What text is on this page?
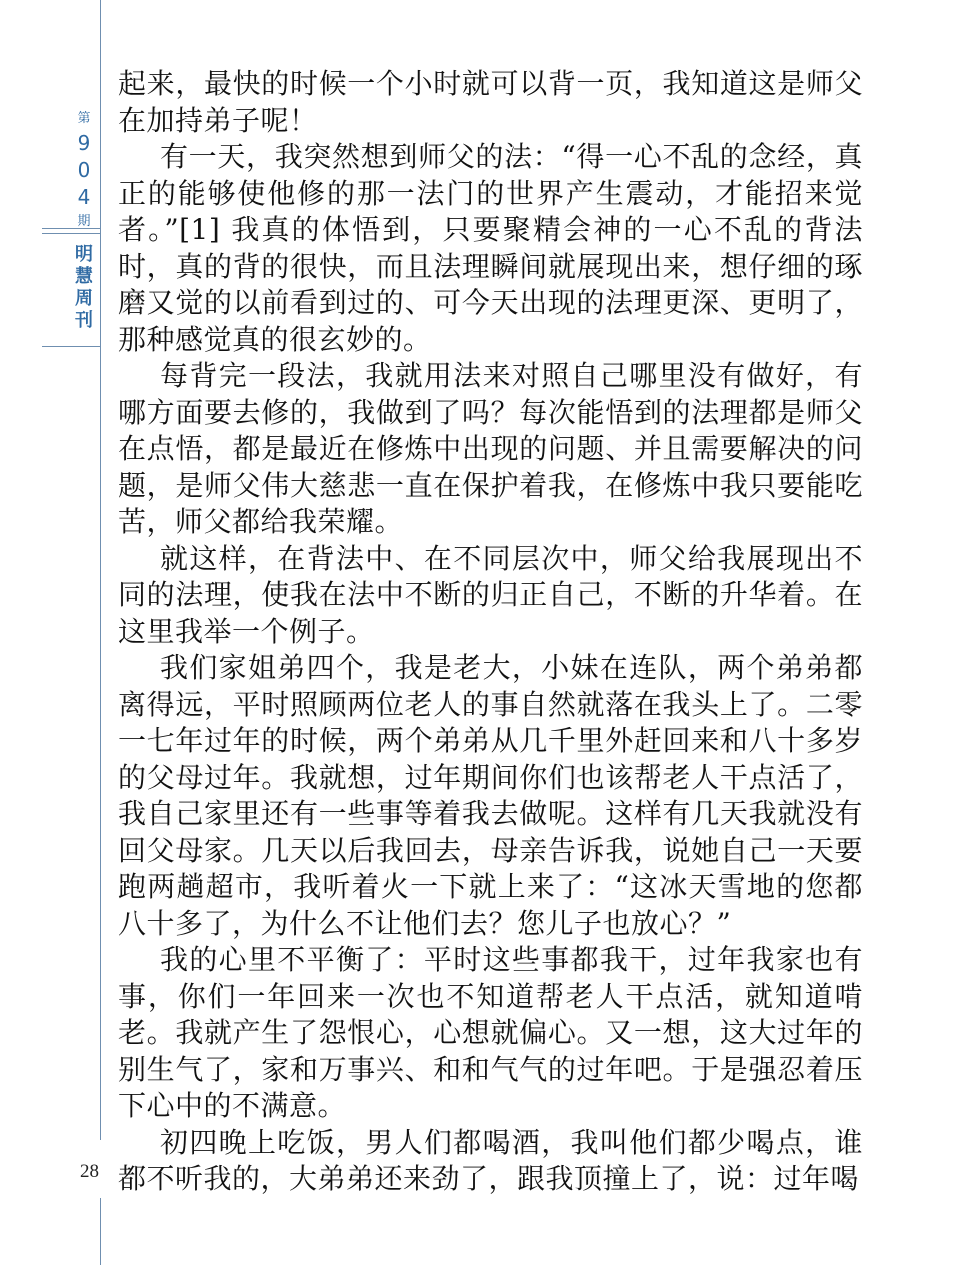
第
9
0
4
期
明
慧
周
刊
28

起来，最快的时候一个小时就可以背一页，我知道这是师父在加持弟子呢！

有一天，我突然想到师父的法：“得一心不乱的念经，真正的能够使他修的那一法门的世界产生震动，才能招来觉者。”[1] 我真的体悟到，只要聚精会神的一心不乱的背法时，真的背的很快，而且法理瞬间就展现出来，想仔细的琢磨又觉的以前看到过的、可今天出现的法理更深、更明了，那种感觉真的很玄妙的。

每背完一段法，我就用法来对照自己哪里没有做好，有哪方面要去修的，我做到了吗？每次能悟到的法理都是师父在点悟，都是最近在修炼中出现的问题、并且需要解决的问题，是师父伟大慈悲一直在保护着我，在修炼中我只要能吃苦，师父都给我荣耀。

就这样，在背法中、在不同层次中，师父给我展现出不同的法理，使我在法中不断的归正自己，不断的升华着。在这里我举一个例子。

我们家姐弟四个，我是老大，小妹在连队，两个弟弟都离得远，平时照顾两位老人的事自然就落在我头上了。二零一七年过年的时候，两个弟弟从几千里外赶回来和八十多岁的父母过年。我就想，过年期间你们也该帮老人干点活了，我自己家里还有一些事等着我去做呢。这样有几天我就没有回父母家。几天以后我回去，母亲告诉我，说她自己一天要跑两趟超市，我听着火一下就上来了：“这冰天雪地的您都八十多了，为什么不让他们去？您儿子也放心？”

我的心里不平衡了：平时这些事都我干，过年我家也有事，你们一年回来一次也不知道帮老人干点活，就知道啃老。我就产生了怨恨心，心想就偏心。又一想，这大过年的别生气了，家和万事兴、和和气气的过年吧。于是强忍着压下心中的不满意。

初四晚上吃饭，男人们都喝酒，我叫他们都少喝点，谁都不听我的，大弟弟还来劲了，跟我顶撞上了，说：过年喝
